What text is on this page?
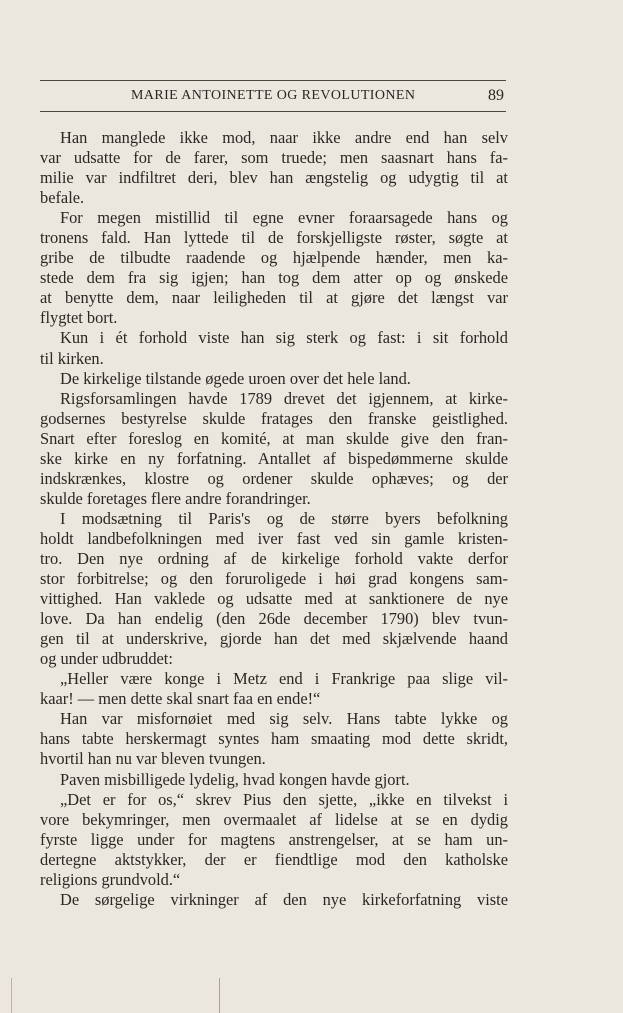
MARIE ANTOINETTE OG REVOLUTIONEN	89
Han manglede ikke mod, naar ikke andre end han selv
var udsatte for de farer, som truede; men saasnart hans fa-
milie var indfiltret deri, blev han ængstelig og udygtig til at
befale.
For megen mistillid til egne evner foraarsagede hans og
tronens fald. Han lyttede til de forskjelligste røster, søgte at
gribe de tilbudte raadende og hjælpende hænder, men ka-
stede dem fra sig igjen; han tog dem atter op og ønskede
at benytte dem, naar leiligheden til at gjøre det længst var
flygtet bort.
Kun i ét forhold viste han sig sterk og fast: i sit forhold
til kirken.
De kirkelige tilstande øgede uroen over det hele land.
Rigsforsamlingen havde 1789 drevet det igjennem, at kirke-
godsernes bestyrelse skulde fratages den franske geistlighed.
Snart efter foreslog en komité, at man skulde give den fran-
ske kirke en ny forfatning. Antallet af bispedømmerne skulde
indskrænkes, klostre og ordener skulde ophæves; og der
skulde foretages flere andre forandringer.
I modsætning til Paris's og de større byers befolkning
holdt landbefolkningen med iver fast ved sin gamle kristen-
tro. Den nye ordning af de kirkelige forhold vakte derfor
stor forbitrelse; og den foruroligede i høi grad kongens sam-
vittighed. Han vaklede og udsatte med at sanktionere de nye
love. Da han endelig (den 26de december 1790) blev tvun-
gen til at underskrive, gjorde han det med skjælvende haand
og under udbruddet:
„Heller være konge i Metz end i Frankrige paa slige vil-
kaar! — men dette skal snart faa en ende!“
Han var misfornøiet med sig selv. Hans tabte lykke og
hans tabte herskermagt syntes ham smaating mod dette skridt,
hvortil han nu var bleven tvungen.
Paven misbilligede lydelig, hvad kongen havde gjort.
„Det er for os,“ skrev Pius den sjette, „ikke en tilvekst i
vore bekymringer, men overmaalet af lidelse at se en dydig
fyrste ligge under for magtens anstrengelser, at se ham un-
dertegne aktstykker, der er fiendtlige mod den katholske
religions grundvold.“
De sørgelige virkninger af den nye kirkeforfatning viste
